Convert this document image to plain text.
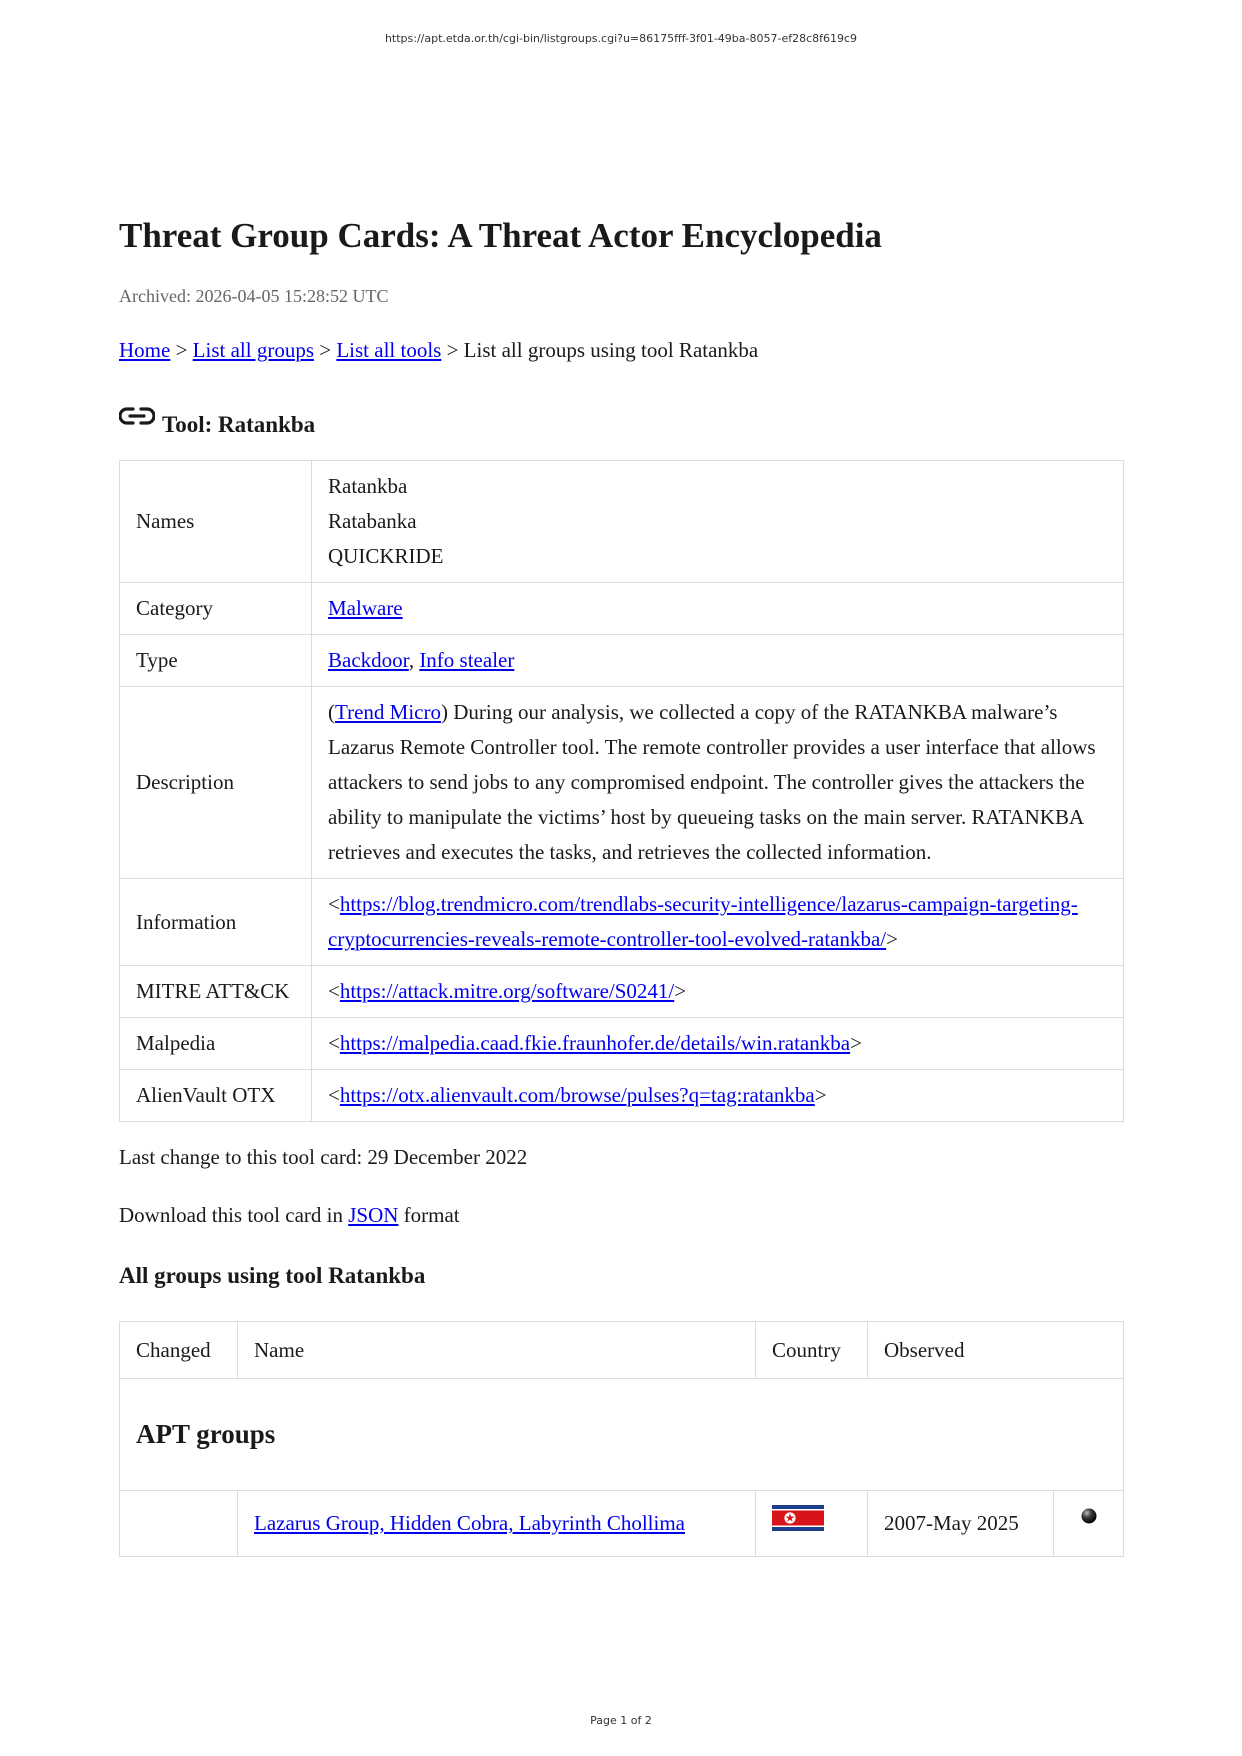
https://apt.etda.or.th/cgi-bin/listgroups.cgi?u=86175fff-3f01-49ba-8057-ef28c8f619c9
Threat Group Cards: A Threat Actor Encyclopedia
Archived: 2026-04-05 15:28:52 UTC
Home > List all groups > List all tools > List all groups using tool Ratankba
Tool: Ratankba
Names	Ratankba
Ratabanka
QUICKRIDE

Category	Malware
Type	Backdoor, Info stealer
Description	(Trend Micro) During our analysis, we collected a copy of the RATANKBA malware’s Lazarus Remote Controller tool. The remote controller provides a user interface that allows attackers to send jobs to any compromised endpoint. The controller gives the attackers the ability to manipulate the victims’ host by queueing tasks on the main server. RATANKBA retrieves and executes the tasks, and retrieves the collected information.
Information	<https://blog.trendmicro.com/trendlabs-security-intelligence/lazarus-campaign-targeting-cryptocurrencies-reveals-remote-controller-tool-evolved-ratankba/>
MITRE ATT&CK	<https://attack.mitre.org/software/S0241/>
Malpedia	<https://malpedia.caad.fkie.fraunhofer.de/details/win.ratankba>
AlienVault OTX	<https://otx.alienvault.com/browse/pulses?q=tag:ratankba>
Last change to this tool card: 29 December 2022
Download this tool card in JSON format
All groups using tool Ratankba
Changed	Name	Country	Observed	
APT groups				
	Lazarus Group, Hidden Cobra, Labyrinth Chollima		2007-May 2025	
Page 1 of 2
